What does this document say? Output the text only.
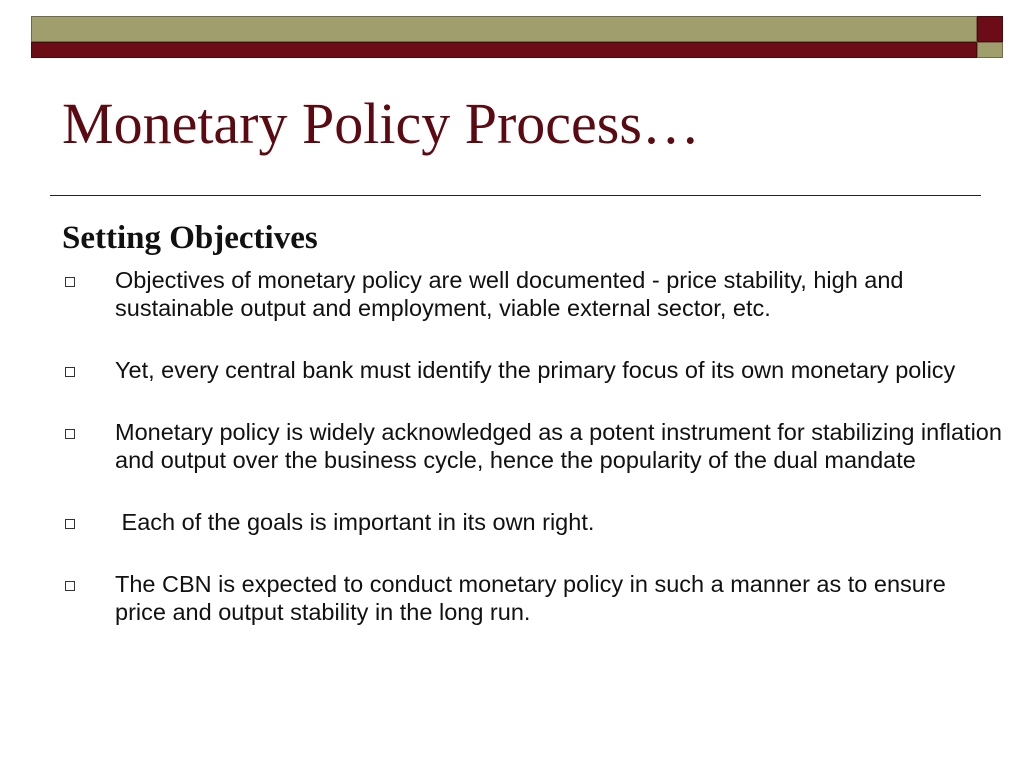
Monetary Policy Process…
Setting Objectives
Objectives of monetary policy are well documented - price stability, high and sustainable output and employment, viable external sector, etc.
Yet, every central bank must identify the primary focus of its own monetary policy
Monetary policy is widely acknowledged as a potent instrument for stabilizing inflation and output over the business cycle, hence the popularity of the dual mandate
Each of the goals is important in its own right.
The CBN is expected to conduct monetary policy in such a manner as to ensure price and output stability in the long run.
